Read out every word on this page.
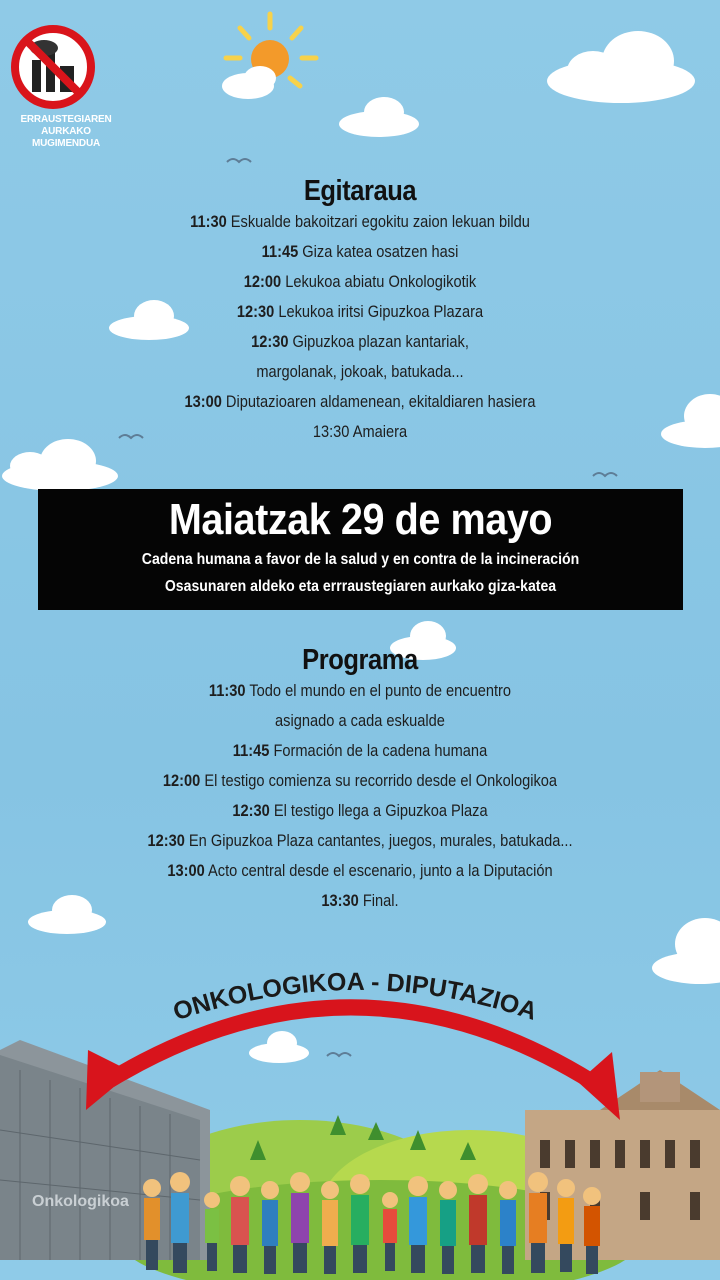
ERRAUSTEGIAREN
AURKAKO MUGIMENDUA
Egitaraua
11:30 Eskualde bakoitzari egokitu zaion lekuan bildu
11:45 Giza katea osatzen hasi
12:00 Lekukoa abiatu Onkologikotik
12:30 Lekukoa iritsi Gipuzkoa Plazara
12:30 Gipuzkoa plazan kantariak,
margolanak, jokoak, batukada...
13:00 Diputazioaren aldamenean, ekitaldiaren hasiera
13:30 Amaiera
Maiatzak 29 de mayo
Cadena humana a favor de la salud y en contra de la incineración
Osasunaren aldeko eta errraustegiaren aurkako giza-katea
Programa
11:30 Todo el mundo en el punto de encuentro
asignado a cada eskualde
11:45 Formación de la cadena humana
12:00 El testigo comienza su recorrido desde el Onkologikoa
12:30 El testigo llega a Gipuzkoa Plaza
12:30 En Gipuzkoa Plaza cantantes, juegos, murales, batukada...
13:00 Acto central desde el escenario, junto a la Diputación
13:30 Final.
Onkologikoa
ONKOLOGIKOA - DIPUTAZIOA
